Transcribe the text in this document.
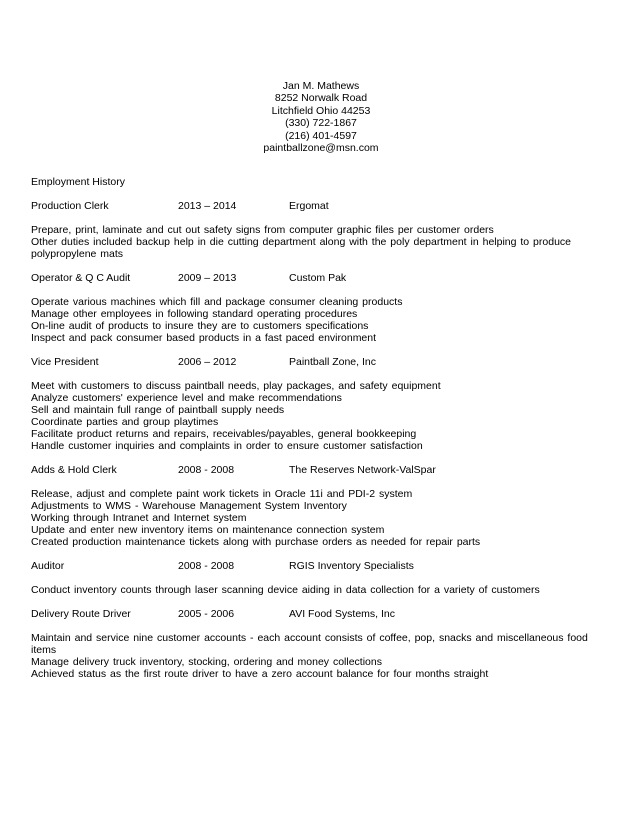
Jan M. Mathews
8252 Norwalk Road
Litchfield Ohio 44253
(330) 722-1867
(216) 401-4597
paintballzone@msn.com
Employment History
Production Clerk	2013 – 2014	Ergomat
Prepare, print, laminate and cut out safety signs from computer graphic files per customer orders
Other duties included backup help in die cutting department along with the poly department in helping to produce
polypropylene mats
Operator & Q C Audit	2009 – 2013	Custom Pak
Operate various machines which fill and package consumer cleaning products
Manage other employees in following standard operating procedures
On-line audit of products to insure they are to customers specifications
Inspect and pack consumer based products in a fast paced environment
Vice President	2006 – 2012	Paintball Zone, Inc
Meet with customers to discuss paintball needs, play packages, and safety equipment
Analyze customers' experience level and make recommendations
Sell and maintain full range of paintball supply needs
Coordinate parties and group playtimes
Facilitate product returns and repairs, receivables/payables, general bookkeeping
Handle customer inquiries and complaints in order to ensure customer satisfaction
Adds & Hold Clerk	2008 - 2008	The Reserves Network-ValSpar
Release, adjust and complete paint work tickets in Oracle 11i and PDI-2 system
Adjustments to WMS - Warehouse Management System Inventory
Working through Intranet and Internet system
Update and enter new inventory items on maintenance connection system
Created production maintenance tickets along with purchase orders as needed for repair parts
Auditor	2008 - 2008	RGIS Inventory Specialists
Conduct inventory counts through laser scanning device aiding in data collection for a variety of customers
Delivery Route Driver	2005 - 2006	AVI Food Systems, Inc
Maintain and service nine customer accounts - each account consists of coffee, pop, snacks and miscellaneous food items
Manage delivery truck inventory, stocking, ordering and money collections
Achieved status as the first route driver to have a zero account balance for four months straight
